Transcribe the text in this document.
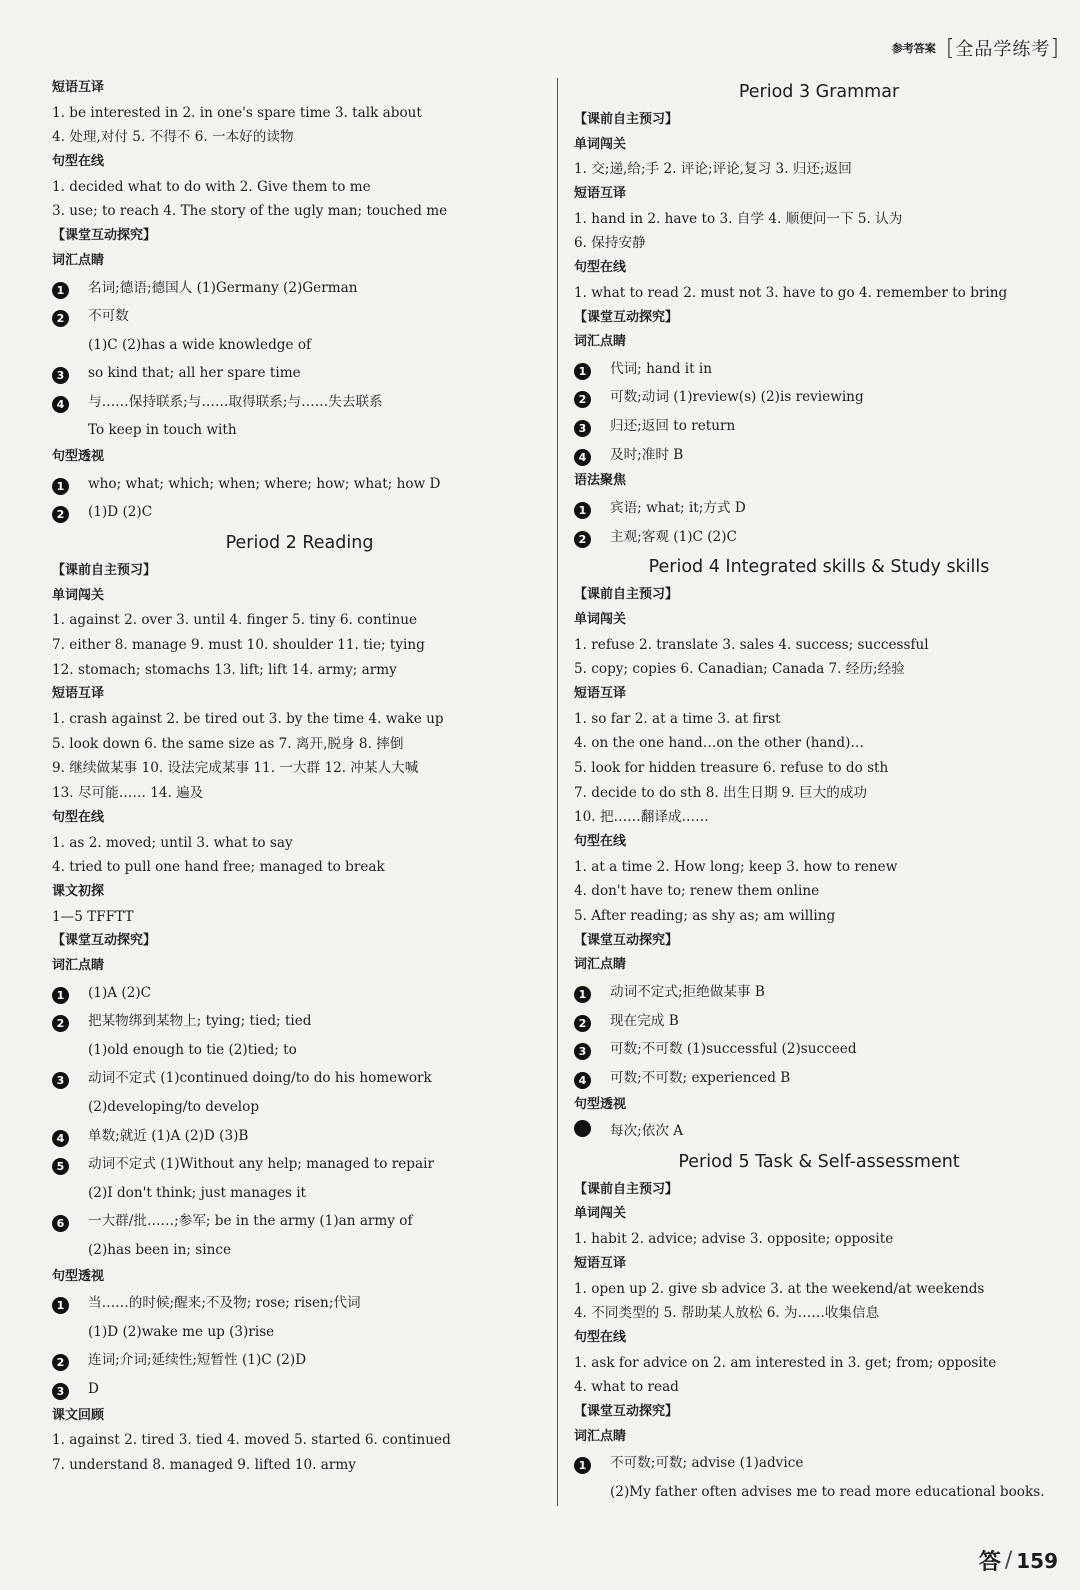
参考答案 [全品学练考]
短语互译
1. be interested in 2. in one's spare time 3. talk about
4. 处理,对付 5. 不得不 6. 一本好的读物
句型在线
1. decided what to do with 2. Give them to me
3. use; to reach 4. The story of the ugly man; touched me
【课堂互动探究】
词汇点睛
1 名词;德语;德国人 (1)Germany (2)German
2 不可数
(1)C (2)has a wide knowledge of
3 so kind that; all her spare time
4 与……保持联系;与……取得联系;与……失去联系
To keep in touch with
句型透视
1 who; what; which; when; where; how; what; how D
2 (1)D (2)C
Period 2 Reading
【课前自主预习】
单词闯关
1. against 2. over 3. until 4. finger 5. tiny 6. continue
7. either 8. manage 9. must 10. shoulder 11. tie; tying
12. stomach; stomachs 13. lift; lift 14. army; army
短语互译
1. crash against 2. be tired out 3. by the time 4. wake up
5. look down 6. the same size as 7. 离开,脱身 8. 摔倒
9. 继续做某事 10. 设法完成某事 11. 一大群 12. 冲某人大喊
13. 尽可能…… 14. 遍及
句型在线
1. as 2. moved; until 3. what to say
4. tried to pull one hand free; managed to break
课文初探
1—5 TFFTT
【课堂互动探究】
词汇点睛
1 (1)A (2)C
2 把某物绑到某物上; tying; tied; tied
(1)old enough to tie (2)tied; to
3 动词不定式 (1)continued doing/to do his homework
(2)developing/to develop
4 单数;就近 (1)A (2)D (3)B
5 动词不定式 (1)Without any help; managed to repair
(2)I don't think; just manages it
6 一大群/批……;参军; be in the army (1)an army of
(2)has been in; since
句型透视
1 当……的时候;醒来;不及物; rose; risen;代词
(1)D (2)wake me up (3)rise
2 连词;介词;延续性;短暂性 (1)C (2)D
3 D
课文回顾
1. against 2. tired 3. tied 4. moved 5. started 6. continued
7. understand 8. managed 9. lifted 10. army
Period 3 Grammar
【课前自主预习】
单词闯关
1. 交;递,给;手 2. 评论;评论,复习 3. 归还;返回
短语互译
1. hand in 2. have to 3. 自学 4. 顺便问一下 5. 认为
6. 保持安静
句型在线
1. what to read 2. must not 3. have to go 4. remember to bring
【课堂互动探究】
词汇点睛
1 代词; hand it in
2 可数;动词 (1)review(s) (2)is reviewing
3 归还;返回 to return
4 及时;准时 B
语法聚焦
1 宾语; what; it;方式 D
2 主观;客观 (1)C (2)C
Period 4 Integrated skills & Study skills
【课前自主预习】
单词闯关
1. refuse 2. translate 3. sales 4. success; successful
5. copy; copies 6. Canadian; Canada 7. 经历;经验
短语互译
1. so far 2. at a time 3. at first
4. on the one hand…on the other (hand)…
5. look for hidden treasure 6. refuse to do sth
7. decide to do sth 8. 出生日期 9. 巨大的成功
10. 把……翻译成……
句型在线
1. at a time 2. How long; keep 3. how to renew
4. don't have to; renew them online
5. After reading; as shy as; am willing
【课堂互动探究】
词汇点睛
1 动词不定式;拒绝做某事 B
2 现在完成 B
3 可数;不可数 (1)successful (2)succeed
4 可数;不可数; experienced B
句型透视
每次;依次 A
Period 5 Task & Self-assessment
【课前自主预习】
单词闯关
1. habit 2. advice; advise 3. opposite; opposite
短语互译
1. open up 2. give sb advice 3. at the weekend/at weekends
4. 不同类型的 5. 帮助某人放松 6. 为……收集信息
句型在线
1. ask for advice on 2. am interested in 3. get; from; opposite
4. what to read
【课堂互动探究】
词汇点睛
1 不可数;可数; advise (1)advice
(2)My father often advises me to read more educational books.
答 / 159
